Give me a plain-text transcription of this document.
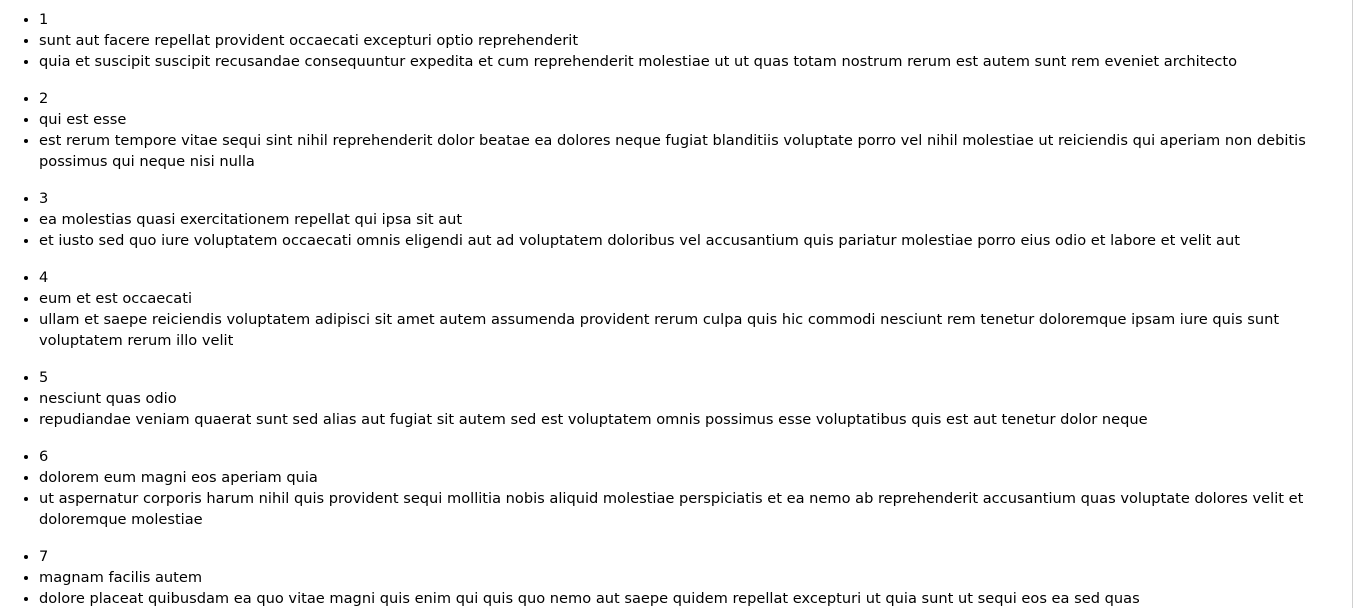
• 1
• sunt aut facere repellat provident occaecati excepturi optio reprehenderit
• quia et suscipit suscipit recusandae consequuntur expedita et cum reprehenderit molestiae ut ut quas totam nostrum rerum est autem sunt rem eveniet architecto
• 2
• qui est esse
• est rerum tempore vitae sequi sint nihil reprehenderit dolor beatae ea dolores neque fugiat blanditiis voluptate porro vel nihil molestiae ut reiciendis qui aperiam non debitis possimus qui neque nisi nulla
• 3
• ea molestias quasi exercitationem repellat qui ipsa sit aut
• et iusto sed quo iure voluptatem occaecati omnis eligendi aut ad voluptatem doloribus vel accusantium quis pariatur molestiae porro eius odio et labore et velit aut
• 4
• eum et est occaecati
• ullam et saepe reiciendis voluptatem adipisci sit amet autem assumenda provident rerum culpa quis hic commodi nesciunt rem tenetur doloremque ipsam iure quis sunt voluptatem rerum illo velit
• 5
• nesciunt quas odio
• repudiandae veniam quaerat sunt sed alias aut fugiat sit autem sed est voluptatem omnis possimus esse voluptatibus quis est aut tenetur dolor neque
• 6
• dolorem eum magni eos aperiam quia
• ut aspernatur corporis harum nihil quis provident sequi mollitia nobis aliquid molestiae perspiciatis et ea nemo ab reprehenderit accusantium quas voluptate dolores velit et doloremque molestiae
• 7
• magnam facilis autem
• dolore placeat quibusdam ea quo vitae magni quis enim qui quis quo nemo aut saepe quidem repellat excepturi ut quia sunt ut sequi eos ea sed quas
